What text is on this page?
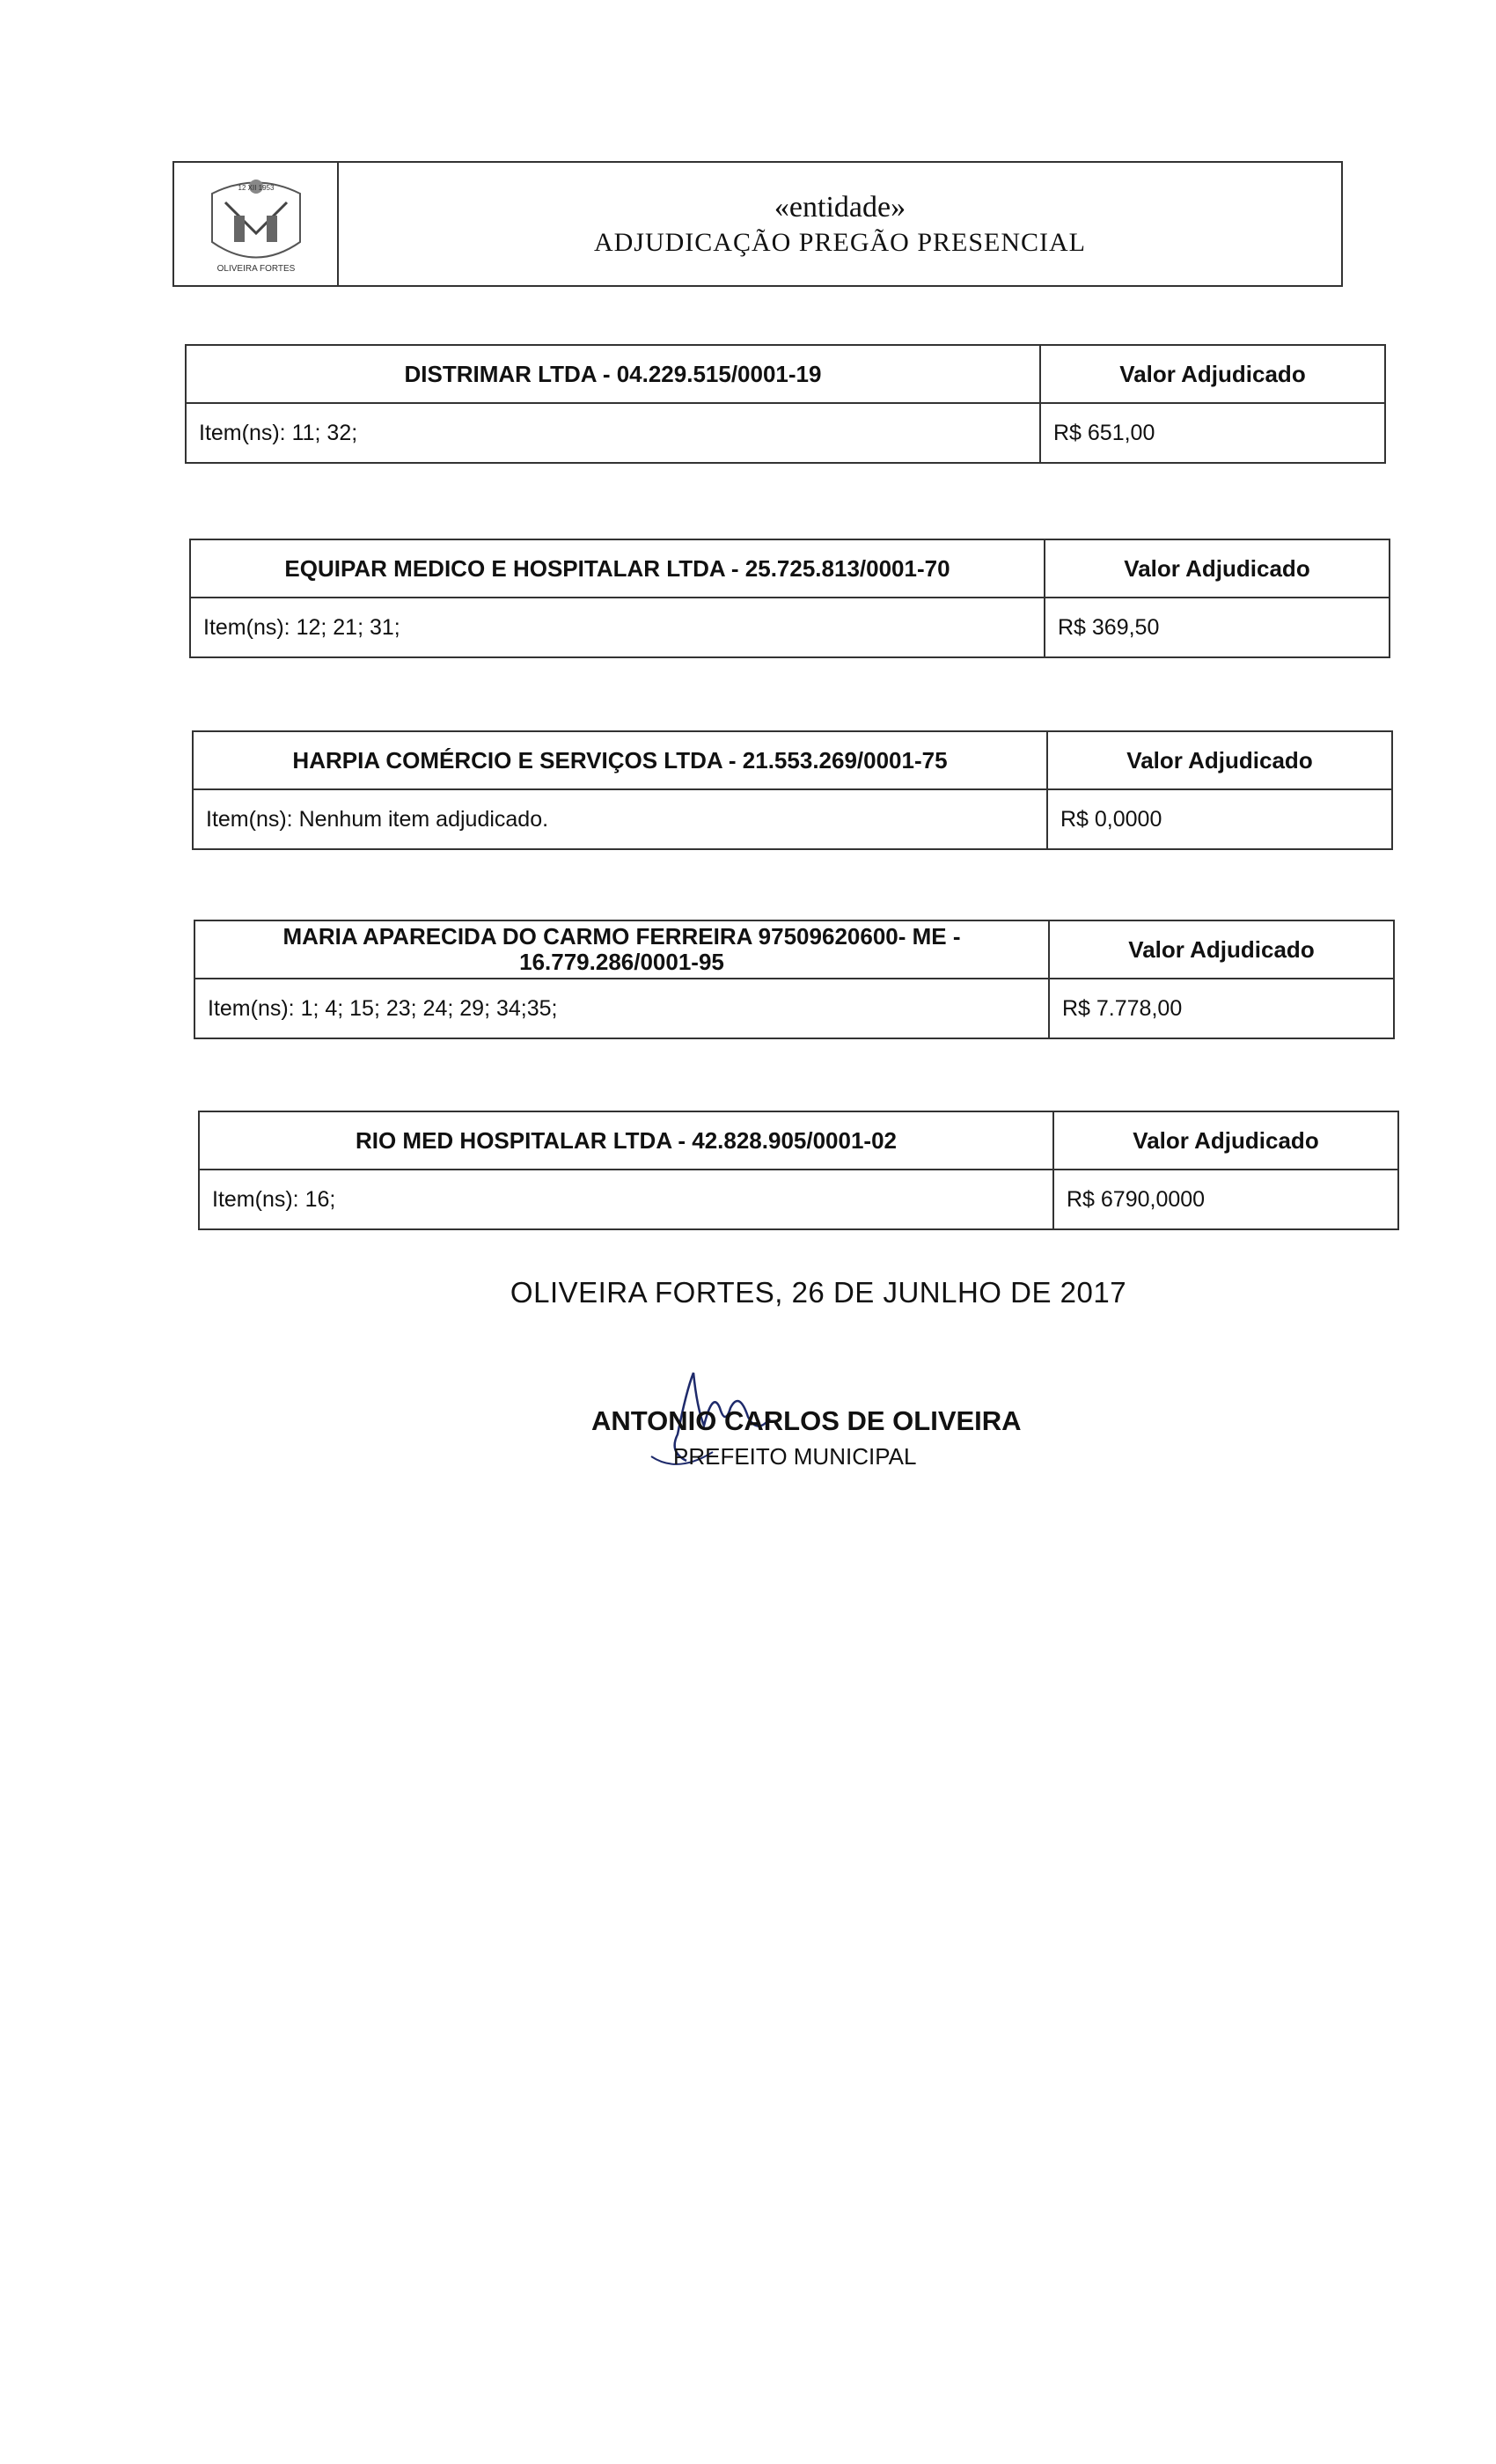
12 XII 1953
OLIVEIRA FORTES
«entidade»
ADJUDICAÇÃO PREGÃO PRESENCIAL
DISTRIMAR LTDA - 04.229.515/0001-19	Valor Adjudicado
Item(ns): 11; 32;	R$ 651,00
EQUIPAR MEDICO E HOSPITALAR LTDA - 25.725.813/0001-70	Valor Adjudicado
Item(ns): 12; 21; 31;	R$ 369,50
HARPIA COMÉRCIO E SERVIÇOS LTDA - 21.553.269/0001-75	Valor Adjudicado
Item(ns): Nenhum item adjudicado.	R$ 0,0000
MARIA APARECIDA DO CARMO FERREIRA 97509620600- ME - 16.779.286/0001-95	Valor Adjudicado
Item(ns): 1; 4; 15; 23; 24; 29; 34;35;	R$ 7.778,00
RIO MED HOSPITALAR LTDA - 42.828.905/0001-02	Valor Adjudicado
Item(ns): 16;	R$ 6790,0000
OLIVEIRA FORTES, 26 DE JUNLHO DE 2017
ANTONIO CARLOS DE OLIVEIRA
PREFEITO MUNICIPAL
